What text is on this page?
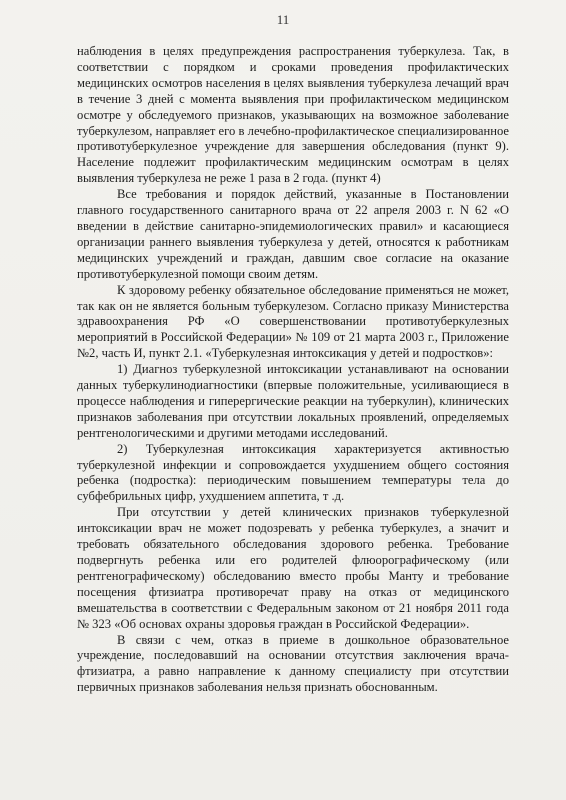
11

наблюдения в целях предупреждения распространения туберкулеза. Так, в соответствии с порядком и сроками проведения профилактических медицинских осмотров населения в целях выявления туберкулеза лечащий врач в течение 3 дней с момента выявления при профилактическом медицинском осмотре у обследуемого признаков, указывающих на возможное заболевание туберкулезом, направляет его в лечебно-профилактическое специализированное противотуберкулезное учреждение для завершения обследования (пункт 9). Население подлежит профилактическим медицинским осмотрам в целях выявления туберкулеза не реже 1 раза в 2 года. (пункт 4)

Все требования и порядок действий, указанные в Постановлении главного государственного санитарного врача от 22 апреля 2003 г. N 62 «О введении в действие санитарно-эпидемиологических правил» и касающиеся организации раннего выявления туберкулеза у детей, относятся к работникам медицинских учреждений и граждан, давшим свое согласие на оказание противотуберкулезной помощи своим детям.

К здоровому ребенку обязательное обследование применяться не может, так как он не является больным туберкулезом. Согласно приказу Министерства здравоохранения РФ «О совершенствовании противотуберкулезных мероприятий в Российской Федерации» № 109 от 21 марта 2003 г., Приложение №2, часть И, пункт 2.1. «Туберкулезная интоксикация у детей и подростков»:

1) Диагноз туберкулезной интоксикации устанавливают на основании данных туберкулинодиагностики (впервые положительные, усиливающиеся в процессе наблюдения и гиперергические реакции на туберкулин), клинических признаков заболевания при отсутствии локальных проявлений, определяемых рентгенологическими и другими методами исследований.

2) Туберкулезная интоксикация характеризуется активностью туберкулезной инфекции и сопровождается ухудшением общего состояния ребенка (подростка): периодическим повышением температуры тела до субфебрильных цифр, ухудшением аппетита, т .д.

При отсутствии у детей клинических признаков туберкулезной интоксикации врач не может подозревать у ребенка туберкулез, а значит и требовать обязательного обследования здорового ребенка. Требование подвергнуть ребенка или его родителей флюорографическому (или рентгенографическому) обследованию вместо пробы Манту и требование посещения фтизиатра противоречат праву на отказ от медицинского вмешательства в соответствии с Федеральным законом от 21 ноября 2011 года № 323 «Об основах охраны здоровья граждан в Российской Федерации».

В связи с чем, отказ в приеме в дошкольное образовательное учреждение, последовавший на основании отсутствия заключения врача-фтизиатра, а равно направление к данному специалисту при отсутствии первичных признаков заболевания нельзя признать обоснованным.
